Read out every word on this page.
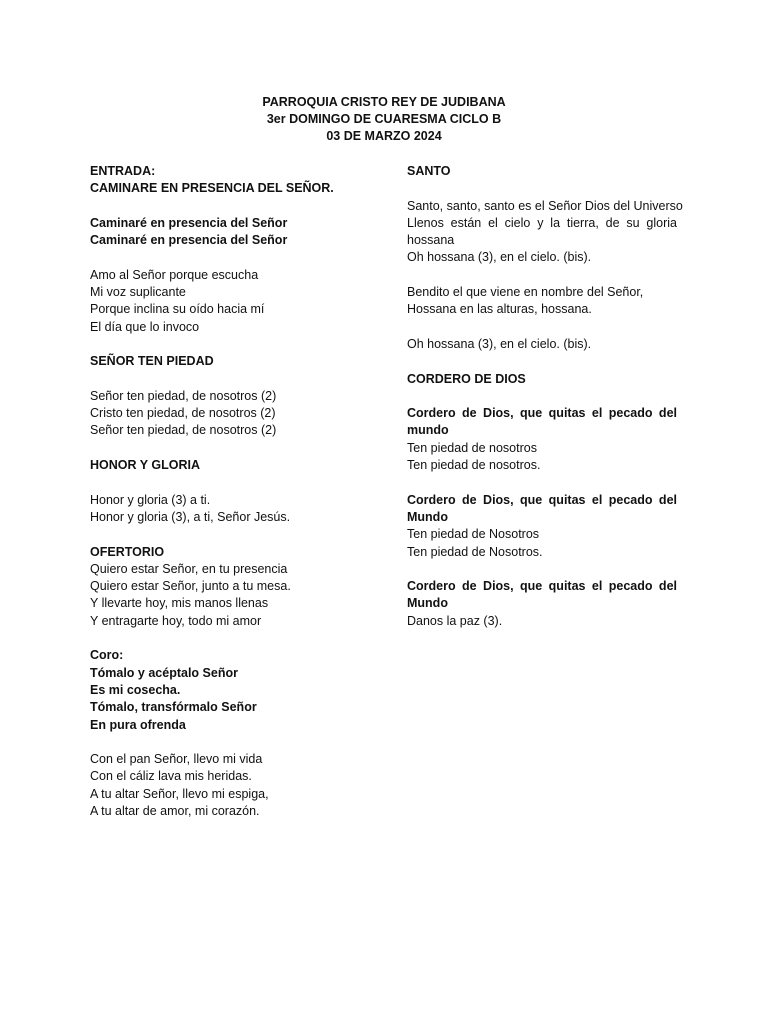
PARROQUIA CRISTO REY DE JUDIBANA
3er DOMINGO DE CUARESMA CICLO B
03 DE MARZO 2024
ENTRADA:
CAMINARE EN PRESENCIA DEL SEÑOR.
Caminaré en presencia del Señor
Caminaré en presencia del Señor
Amo al Señor porque escucha
Mi voz suplicante
Porque inclina su oído hacia mí
El día que lo invoco
SEÑOR TEN PIEDAD
Señor ten piedad, de nosotros (2)
Cristo ten piedad, de nosotros (2)
Señor ten piedad, de nosotros (2)
HONOR Y GLORIA
Honor y gloria (3) a ti.
Honor y gloria (3), a ti, Señor Jesús.
OFERTORIO
Quiero estar Señor, en tu presencia
Quiero estar Señor, junto a tu mesa.
Y llevarte hoy, mis manos llenas
Y entragarte hoy, todo mi amor
Coro:
Tómalo y acéptalo Señor
Es mi cosecha.
Tómalo, transfórmalo Señor
En pura ofrenda
Con el pan Señor, llevo mi vida
Con el cáliz lava mis heridas.
A tu altar Señor, llevo mi espiga,
A tu altar de amor, mi corazón.
SANTO
Santo, santo, santo es el Señor Dios del Universo
Llenos están el cielo y la tierra, de su gloria
hossana
Oh hossana (3), en el cielo. (bis).
Bendito el que viene en nombre del Señor,
Hossana en las alturas, hossana.
Oh hossana (3), en el cielo. (bis).
CORDERO DE DIOS
Cordero de Dios, que quitas el pecado del
mundo
Ten piedad de nosotros
Ten piedad de nosotros.
Cordero de Dios, que quitas el pecado del
Mundo
Ten piedad de Nosotros
Ten piedad de Nosotros.
Cordero de Dios, que quitas el pecado del
Mundo
Danos la paz (3).
